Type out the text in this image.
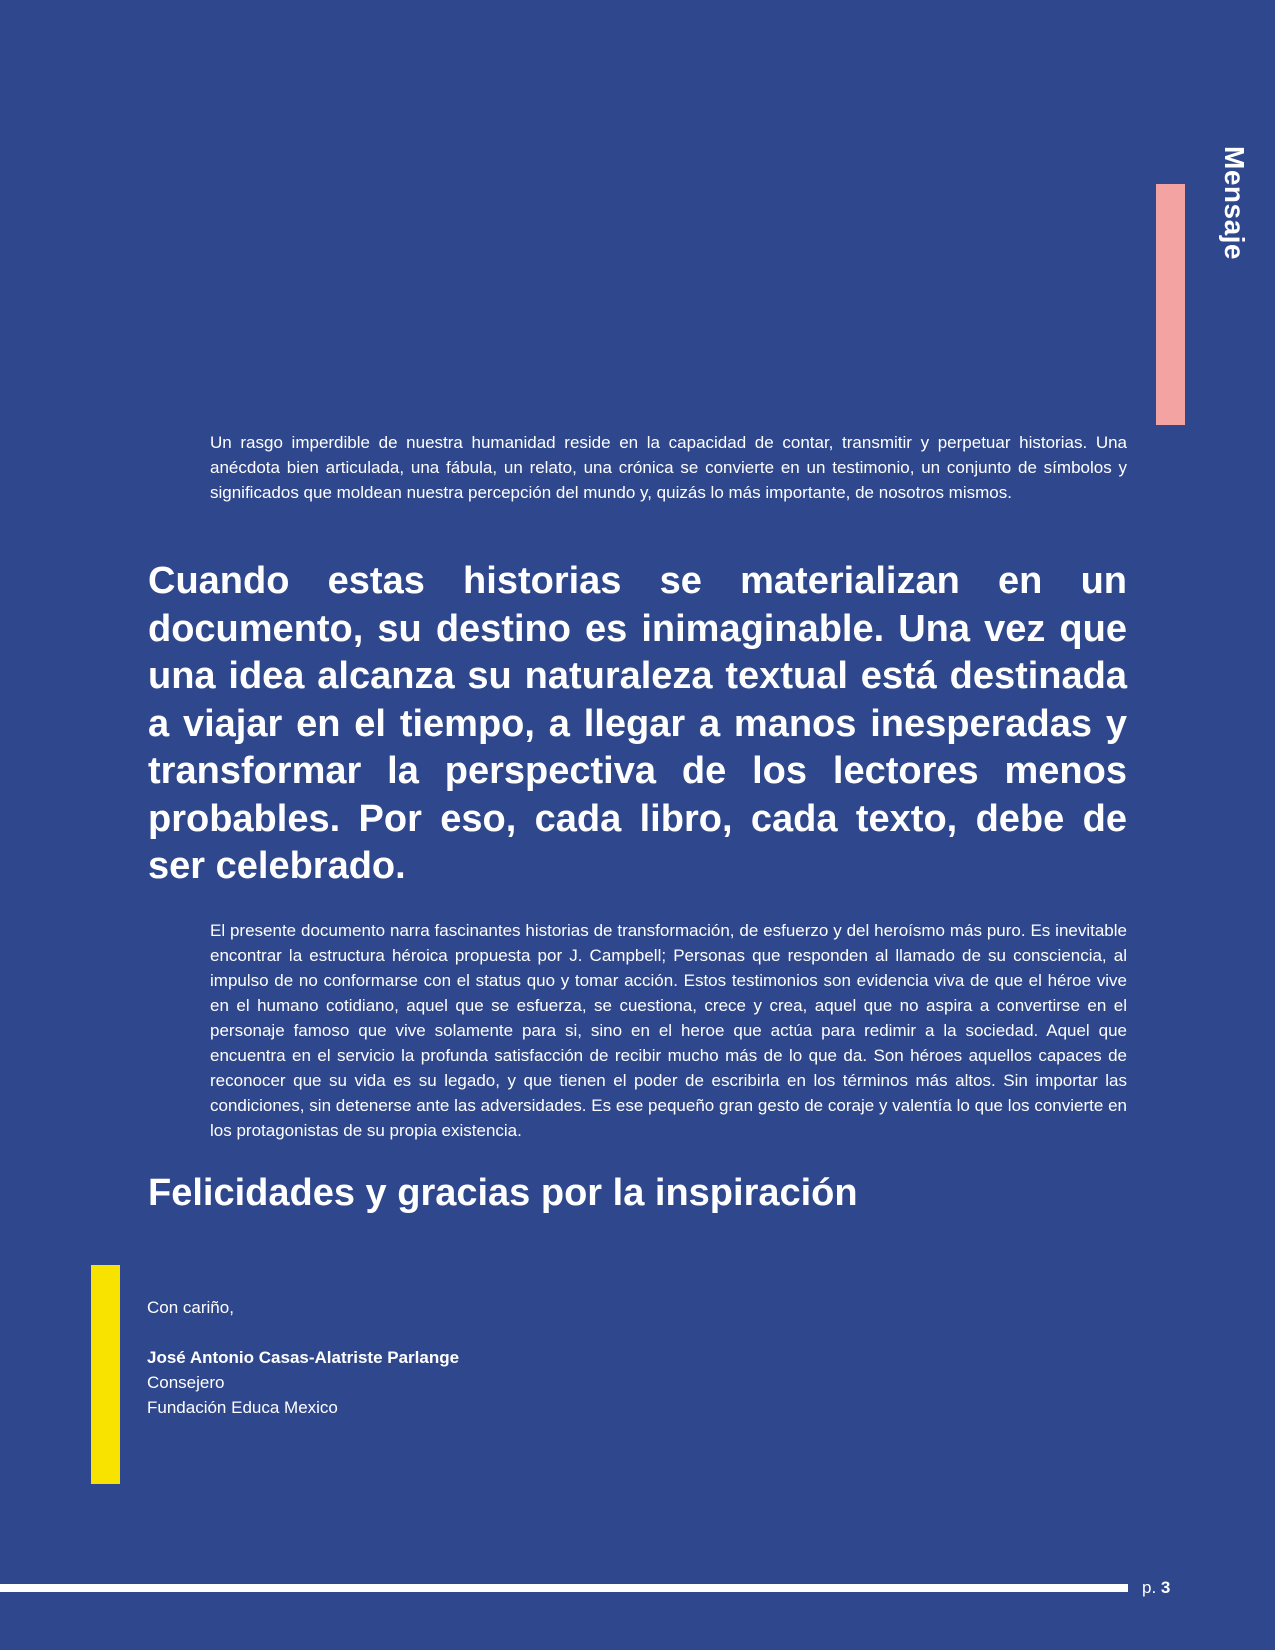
Mensaje

Un rasgo imperdible de nuestra humanidad reside en la capacidad de contar, transmitir y perpetuar historias. Una anécdota bien articulada, una fábula, un relato, una crónica se convierte en un testimonio, un conjunto de símbolos y significados que moldean nuestra percepción del mundo y, quizás lo más importante, de nosotros mismos.

Cuando estas historias se materializan en un documento, su destino es inimaginable. Una vez que una idea alcanza su naturaleza textual está destinada a viajar en el tiempo, a llegar a manos inesperadas y transformar la perspectiva de los lectores menos probables. Por eso, cada libro, cada texto, debe de ser celebrado.

El presente documento narra fascinantes historias de transformación, de esfuerzo y del heroísmo más puro. Es inevitable encontrar la estructura héroica propuesta por J. Campbell; Personas que responden al llamado de su consciencia, al impulso de no conformarse con el status quo y tomar acción. Estos testimonios son evidencia viva de que el héroe vive en el humano cotidiano, aquel que se esfuerza, se cuestiona, crece y crea, aquel que no aspira a convertirse en el personaje famoso que vive solamente para si, sino en el heroe que actúa para redimir a la sociedad. Aquel que encuentra en el servicio la profunda satisfacción de recibir mucho más de lo que da. Son héroes aquellos capaces de reconocer que su vida es su legado, y que tienen el poder de escribirla en los términos más altos. Sin importar las condiciones, sin detenerse ante las adversidades. Es ese pequeño gran gesto de coraje y valentía lo que los convierte en los protagonistas de su propia existencia.

Felicidades y gracias por la inspiración
Con cariño,
José Antonio Casas-Alatriste Parlange
Consejero
Fundación Educa Mexico
p. 3
